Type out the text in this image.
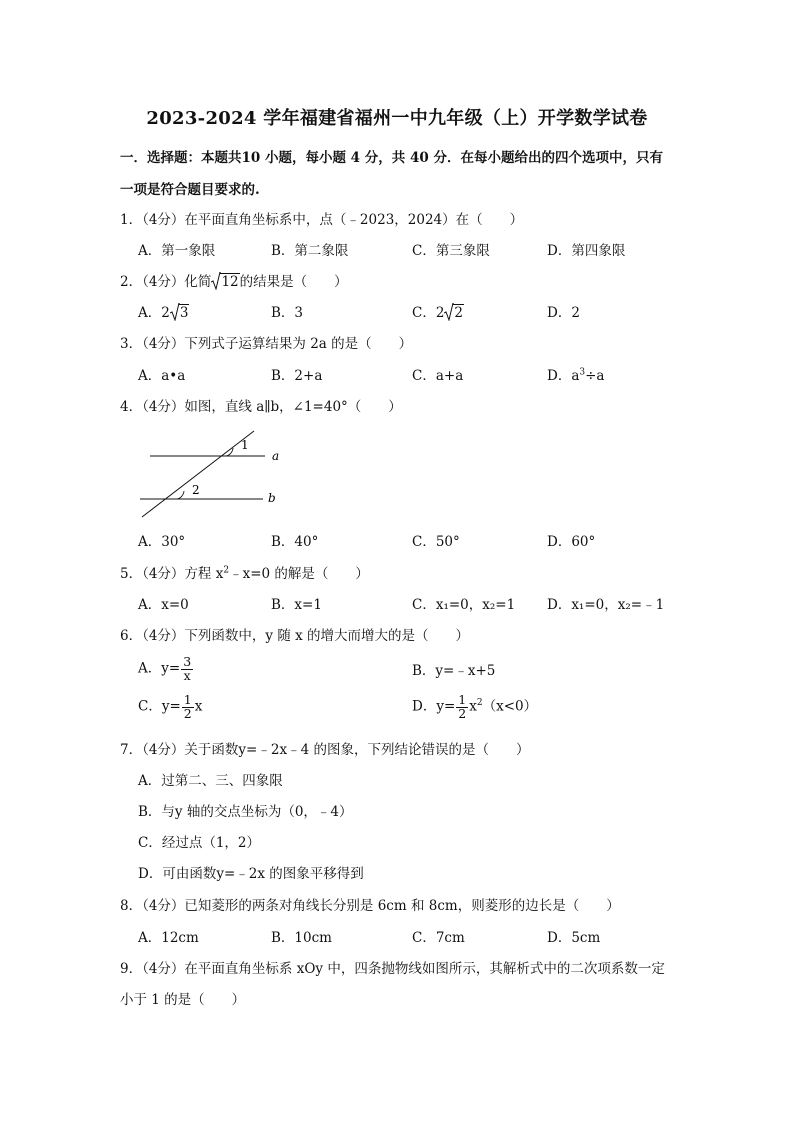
2023-2024 学年福建省福州一中九年级（上）开学数学试卷
一．选择题：本题共10 小题，每小题 4 分，共 40 分．在每小题给出的四个选项中，只有
一项是符合题目要求的.
1．（4分）在平面直角坐标系中，点（﹣2023，2024）在（　　）
A．第一象限	B．第二象限	C．第三象限	D．第四象限
2．（4分）化简 12的结果是（　　）
A．2 3	B．3	C．2 2	D．2
3．（4分）下列式子运算结果为 2a 的是（　　）
A．a•a	B．2+a	C．a+a	D．$a^3\div a$
4．（4分）如图，直线 a∥b，∠1=40°（　　）
1
2
a
b
A．30°	B．40°	C．50°	D．60°
5．（4分）方程 $x^2﹣x=0$ 的解是（　　）
A．x=0	B．x=1	C．x₁=0，x₂=1 D．x₁=0，x₂=﹣1
6．（4分）下列函数中，y 随 x 的增大而增大的是（　　）
A．$y= \frac{3}{x}$	B．y=﹣x+5
C．$y= \frac{1}{2}$ x	D．$y= \frac{1}{2} x^2(x<0)$
7．（4分）关于函数y=﹣2x﹣4 的图象，下列结论错误的是（　　）
A．过第二、三、四象限
B．与y 轴的交点坐标为（0，﹣4）
C．经过点（1，2）
D．可由函数y=﹣2x 的图象平移得到
8．（4分）已知菱形的两条对角线长分别是 6cm 和 8cm，则菱形的边长是（　　）
A．12cm	B．10cm	C．7cm	D．5cm
9．（4分）在平面直角坐标系 xOy 中，四条抛物线如图所示，其解析式中的二次项系数一定
小于 1 的是（　　）
